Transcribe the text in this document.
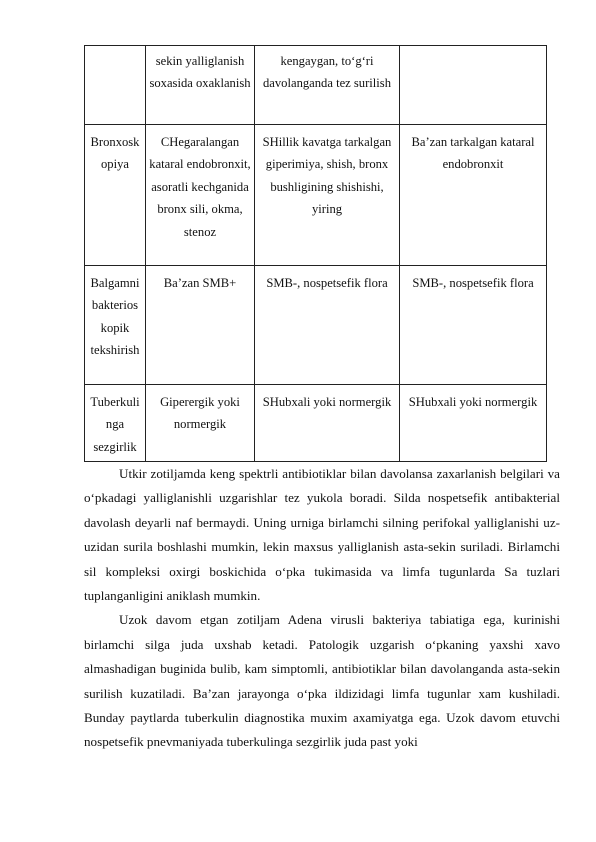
	sekin yalliglanish soxasida oxaklanish	kengaygan, to‘g‘ri davolanganda tez surilish	
Bronxosk opiya	CHegaralangan kataral endobronxit, asoratli kechganida bronx sili, okma, stenoz	SHillik kavatga tarkalgan giperimiya, shish, bronx bushligining shishishi, yiring	Ba’zan tarkalgan kataral endobronxit
Balgamni bakterios kopik tekshirish	Ba’zan SMB+	SMB-, nospetsefik flora	SMB-, nospetsefik flora
Tuberkuli nga sezgirlik	Giperergik yoki normergik	SHubxali yoki normergik	SHubxali yoki normergik

Utkir zotiljamda keng spektrli antibiotiklar bilan davolansa zaxarlanish belgilari va o‘pkadagi yalliglanishli uzgarishlar tez yukola boradi. Silda nospetsefik antibakterial davolash deyarli naf bermaydi. Uning urniga birlamchi silning perifokal yalliglanishi uz-uzidan surila boshlashi mumkin, lekin maxsus yalliglanish asta-sekin suriladi. Birlamchi sil kompleksi oxirgi boskichida o‘pka tukimasida va limfa tugunlarda Sa tuzlari tuplanganligini aniklash mumkin.

Uzok davom etgan zotiljam Adena virusli bakteriya tabiatiga ega, kurinishi birlamchi silga juda uxshab ketadi. Patologik uzgarish o‘pkaning yaxshi xavo almashadigan buginida bulib, kam simptomli, antibiotiklar bilan davolanganda asta-sekin surilish kuzatiladi. Ba’zan jarayonga o‘pka ildizidagi limfa tugunlar xam kushiladi. Bunday paytlarda tuberkulin diagnostika muxim axamiyatga ega. Uzok davom etuvchi nospetsefik pnevmaniyada tuberkulinga sezgirlik juda past yoki
